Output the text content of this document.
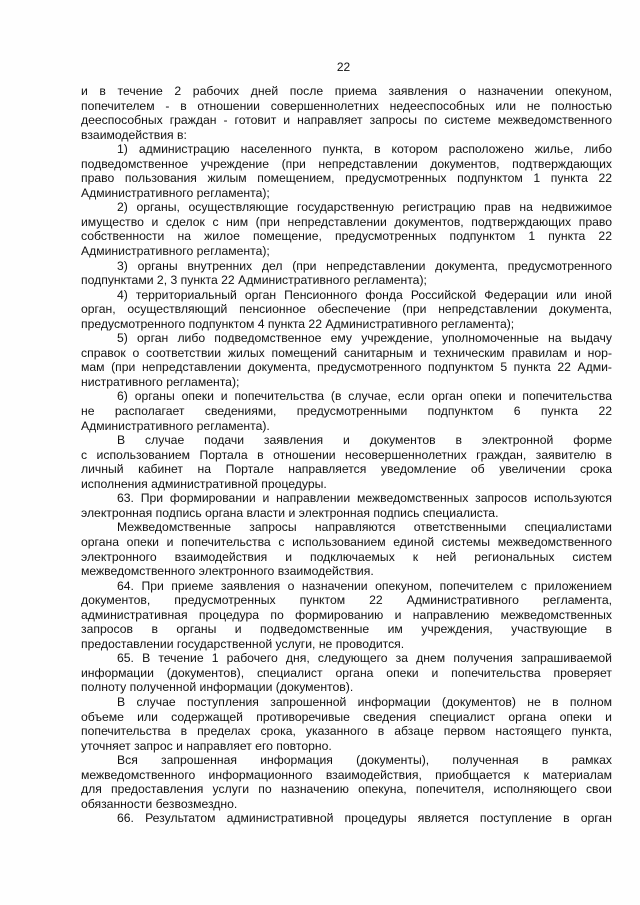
22
и в течение 2 рабочих дней после приема заявления о назначении опекуном,
попечителем - в отношении совершеннолетних недееспособных или не полностью
дееспособных граждан - готовит и направляет запросы по системе межведомственного
взаимодействия в:
1) администрацию населенного пункта, в котором расположено жилье, либо
подведомственное учреждение (при непредставлении документов, подтверждающих
право пользования жилым помещением, предусмотренных подпунктом 1 пункта 22
Административного регламента);
2) органы, осуществляющие государственную регистрацию прав на недвижимое
имущество и сделок с ним (при непредставлении документов, подтверждающих право
собственности на жилое помещение, предусмотренных подпунктом 1 пункта 22
Административного регламента);
3) органы внутренних дел (при непредставлении документа, предусмотренного
подпунктами 2, 3 пункта 22 Административного регламента);
4) территориальный орган Пенсионного фонда Российской Федерации или иной
орган, осуществляющий пенсионное обеспечение (при непредставлении документа,
предусмотренного подпунктом 4 пункта 22 Административного регламента);
5) орган либо подведомственное ему учреждение, уполномоченные на выдачу
справок о соответствии жилых помещений санитарным и техническим правилам и нор-
мам (при непредставлении документа, предусмотренного подпунктом 5 пункта 22 Адми-
нистративного регламента);
6) органы опеки и попечительства (в случае, если орган опеки и попечительства
не располагает сведениями, предусмотренными подпунктом 6 пункта 22
Административного регламента).
В случае подачи заявления и документов в электронной форме
с использованием Портала в отношении несовершеннолетних граждан, заявителю в
личный кабинет на Портале направляется уведомление об увеличении срока
исполнения административной процедуры.
63. При формировании и направлении межведомственных запросов используются
электронная подпись органа власти и электронная подпись специалиста.
Межведомственные запросы направляются ответственными специалистами
органа опеки и попечительства с использованием единой системы межведомственного
электронного взаимодействия и подключаемых к ней региональных систем
межведомственного электронного взаимодействия.
64. При приеме заявления о назначении опекуном, попечителем с приложением
документов, предусмотренных пунктом 22 Административного регламента,
административная процедура по формированию и направлению межведомственных
запросов в органы и подведомственные им учреждения, участвующие в
предоставлении государственной услуги, не проводится.
65. В течение 1 рабочего дня, следующего за днем получения запрашиваемой
информации (документов), специалист органа опеки и попечительства проверяет
полноту полученной информации (документов).
В случае поступления запрошенной информации (документов) не в полном
объеме или содержащей противоречивые сведения специалист органа опеки и
попечительства в пределах срока, указанного в абзаце первом настоящего пункта,
уточняет запрос и направляет его повторно.
Вся запрошенная информация (документы), полученная в рамках
межведомственного информационного взаимодействия, приобщается к материалам
для предоставления услуги по назначению опекуна, попечителя, исполняющего свои
обязанности безвозмездно.
66. Результатом административной процедуры является поступление в орган
